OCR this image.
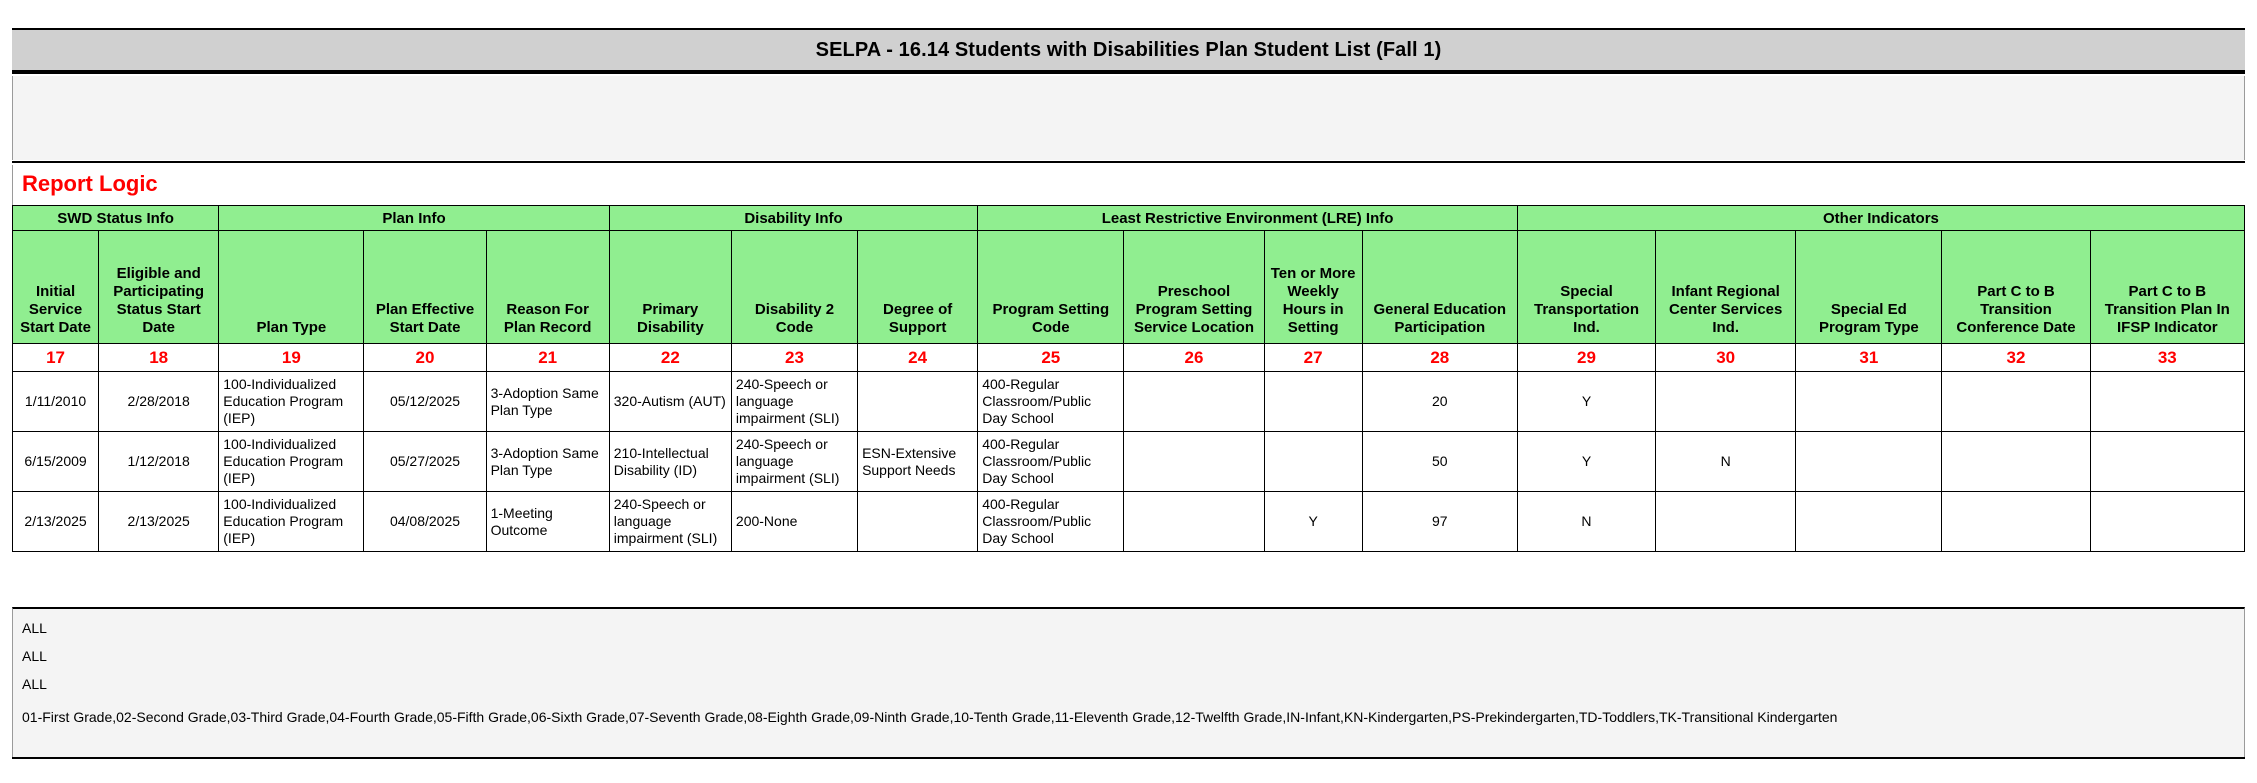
SELPA - 16.14 Students with Disabilities Plan Student List (Fall 1)
Report Logic
SWD Status Info		Plan Info			Disability Info			Least Restrictive Environment (LRE) Info				Other Indicators				
Initial Service Start Date	Eligible and Participating Status Start Date	Plan Type	Plan Effective Start Date	Reason For Plan Record	Primary Disability	Disability 2 Code	Degree of Support	Program Setting Code	Preschool Program Setting Service Location	Ten or More Weekly Hours in Setting	General Education Participation	Special Transportation Ind.	Infant Regional Center Services Ind.	Special Ed Program Type	Part C to B Transition Conference Date	Part C to B Transition Plan In IFSP Indicator
17	18	19	20	21	22	23	24	25	26	27	28	29	30	31	32	33
1/11/2010	2/28/2018	100-Individualized Education Program (IEP)	05/12/2025	3-Adoption Same Plan Type	320-Autism (AUT)	240-Speech or language impairment (SLI)		400-Regular Classroom/Public Day School			20	Y				
6/15/2009	1/12/2018	100-Individualized Education Program (IEP)	05/27/2025	3-Adoption Same Plan Type	210-Intellectual Disability (ID)	240-Speech or language impairment (SLI)	ESN-Extensive Support Needs	400-Regular Classroom/Public Day School			50	Y	N			
2/13/2025	2/13/2025	100-Individualized Education Program (IEP)	04/08/2025	1-Meeting Outcome	240-Speech or language impairment (SLI)	200-None		400-Regular Classroom/Public Day School		Y	97	N				
ALL
ALL
ALL
01-First Grade,02-Second Grade,03-Third Grade,04-Fourth Grade,05-Fifth Grade,06-Sixth Grade,07-Seventh Grade,08-Eighth Grade,09-Ninth Grade,10-Tenth Grade,11-Eleventh Grade,12-Twelfth Grade,IN-Infant,KN-Kindergarten,PS-Prekindergarten,TD-Toddlers,TK-Transitional Kindergarten
